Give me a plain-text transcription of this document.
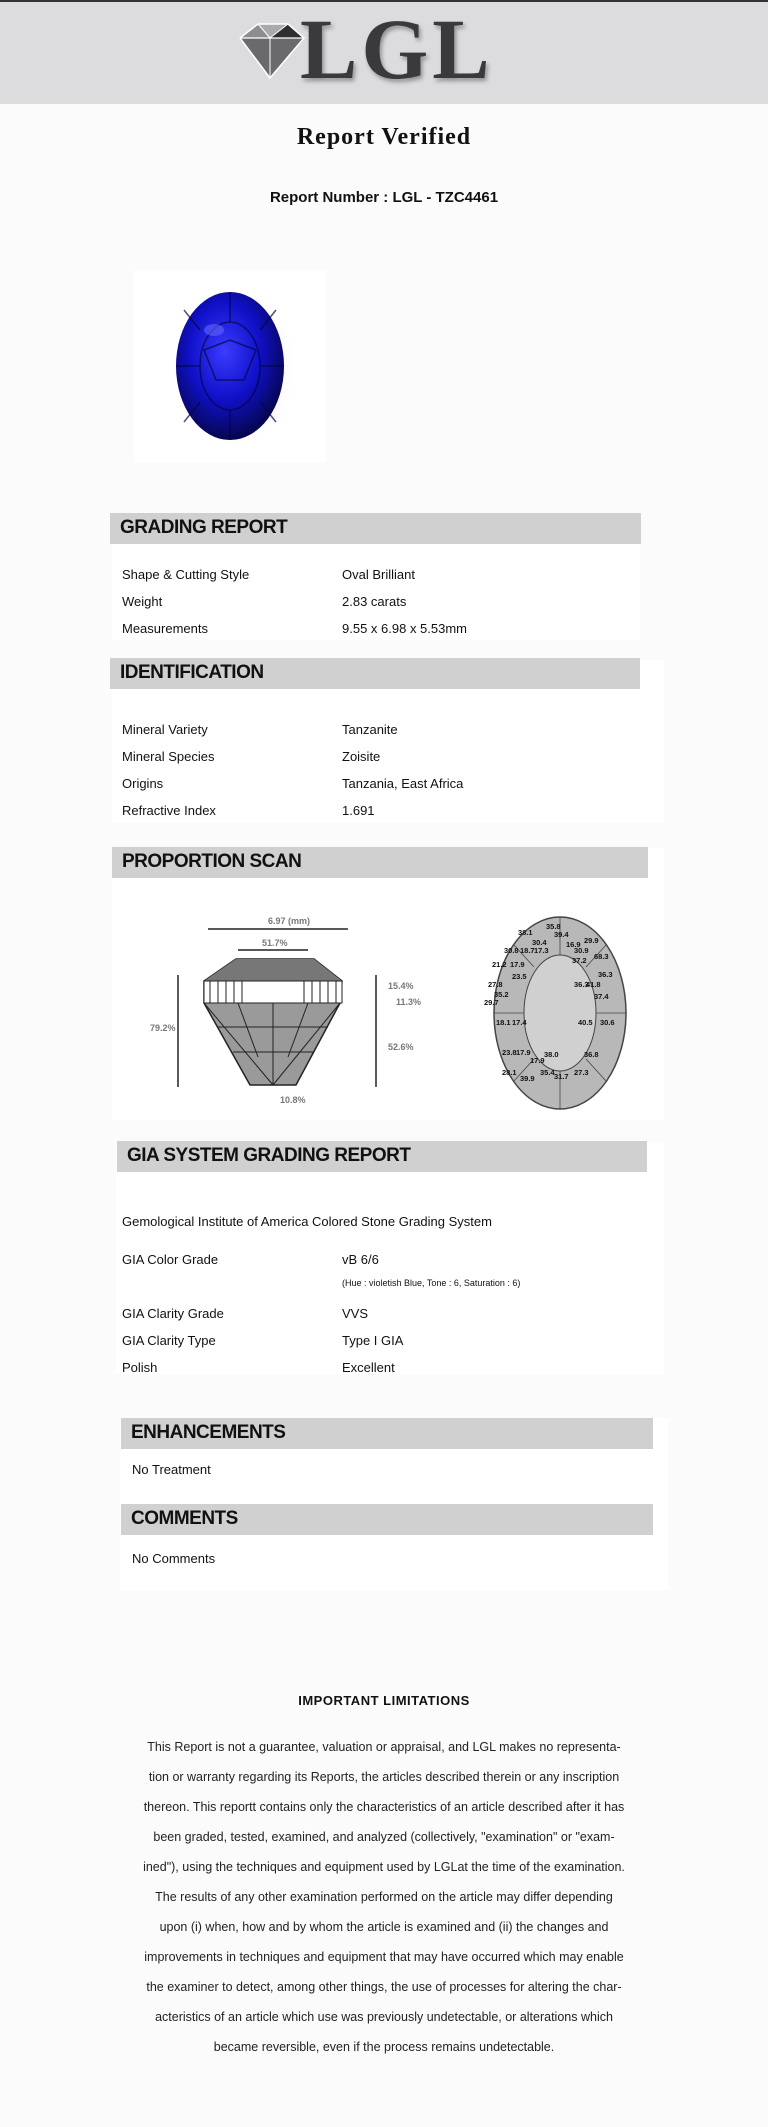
LGL
Report Verified
Report Number : LGL - TZC4461
GRADING REPORT
Shape & Cutting Style	Oval Brilliant
Weight	2.83 carats
Measurements	9.55 x 6.98 x 5.53mm
IDENTIFICATION
Mineral Variety	Tanzanite
Mineral Species	Zoisite
Origins	Tanzania, East Africa
Refractive Index	1.691
PROPORTION SCAN
6.97 (mm)
51.7%
79.2%
15.4%
11.3%
52.6%
10.8%
38.1
35.8
30.4
30.8 18.7 17.3
39.4
16.9
30.9
29.9
21.2 17.9	37.2 68.3
27.8
23.5
36.3
36.3
41.8
29.7
35.2	37.4
18.1 17.4	40.5 30.6
23.8 17.9
17.9
38.0	36.8
28.1	35.4
39.9	31.7 27.3
GIA SYSTEM GRADING REPORT
Gemological Institute of America Colored Stone Grading System
GIA Color Grade	vB 6/6
(Hue : violetish Blue, Tone : 6, Saturation : 6)
GIA Clarity Grade	VVS
GIA Clarity Type	Type I GIA
Polish	Excellent
ENHANCEMENTS
No Treatment
COMMENTS
No Comments
IMPORTANT LIMITATIONS
This Report is not a guarantee, valuation or appraisal, and LGL makes no representa-
tion or warranty regarding its Reports, the articles described therein or any inscription
thereon. This reportt contains only the characteristics of an article described after it has
been graded, tested, examined, and analyzed (collectively, "examination" or "exam-
ined"), using the techniques and equipment used by LGLat the time of the examination.
The results of any other examination performed on the article may differ depending
upon (i) when, how and by whom the article is examined and (ii) the changes and
improvements in techniques and equipment that may have occurred which may enable
the examiner to detect, among other things, the use of processes for altering the char-
acteristics of an article which use was previously undetectable, or alterations which
became reversible, even if the process remains undetectable.
